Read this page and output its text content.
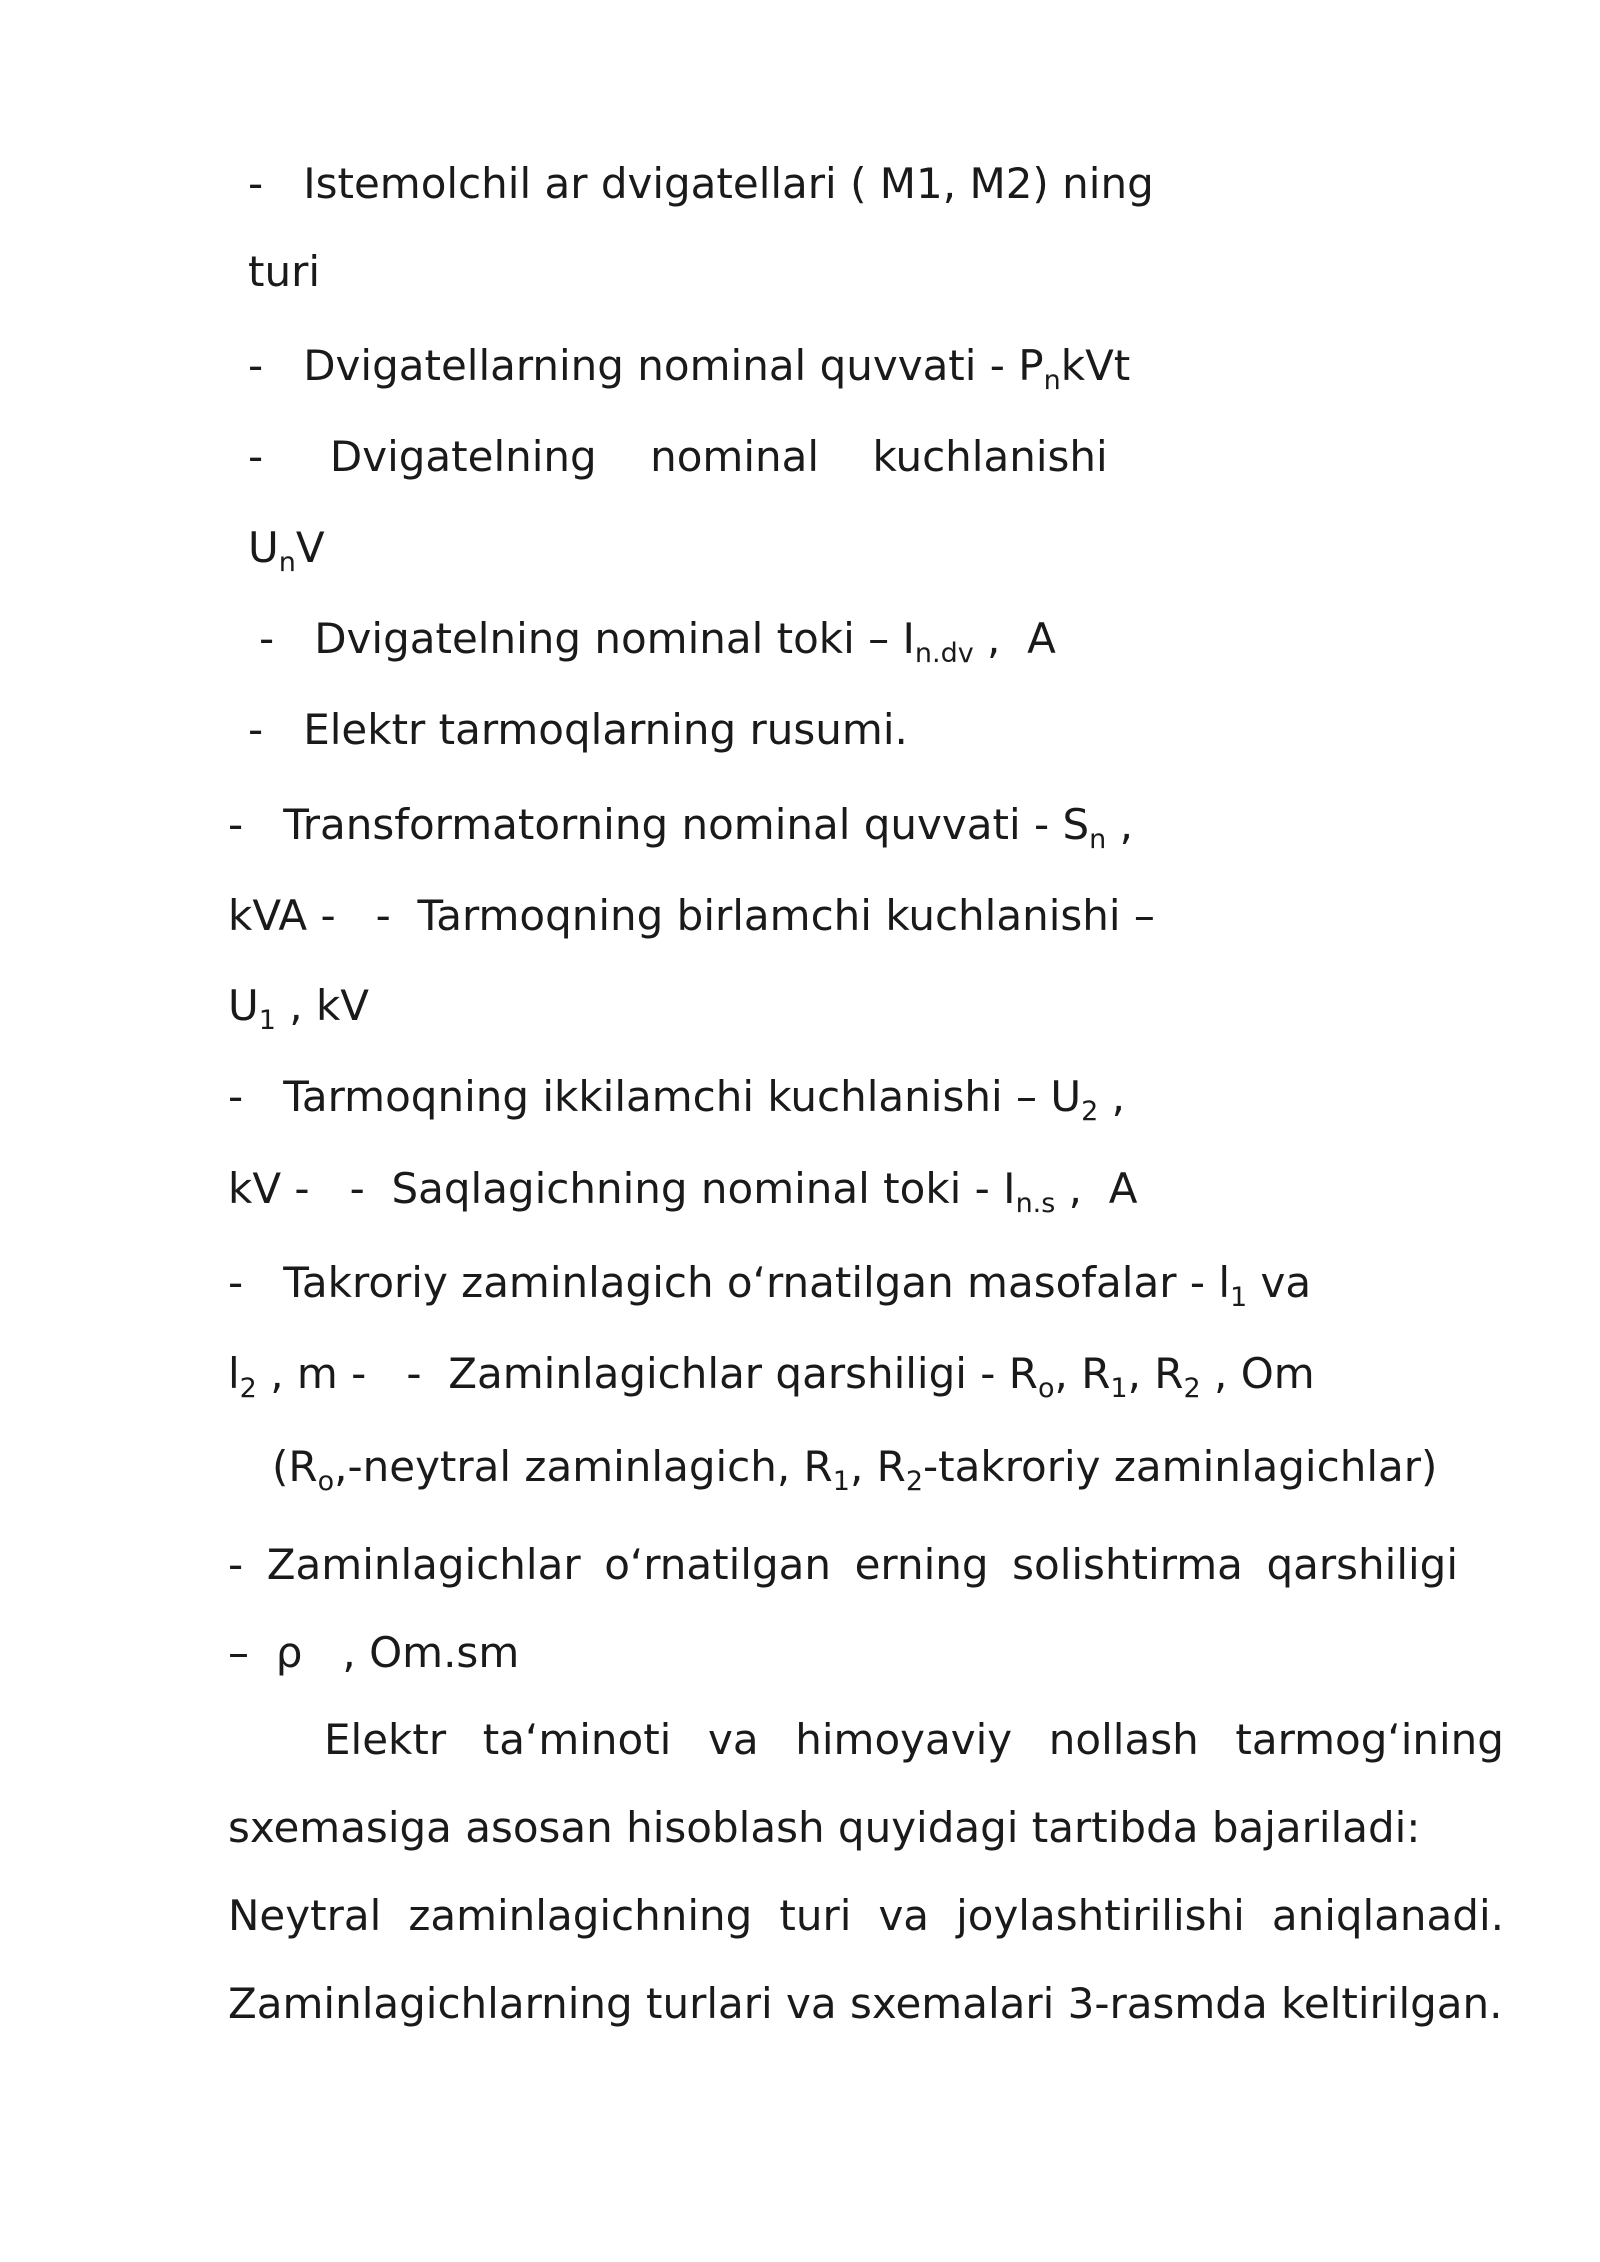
-   Istemolchil ar dvigatellari ( M1, M2) ning
turi
-   Dvigatellarning nominal quvvati - $P_nkVt$
-     Dvigatelning    nominal    kuchlanishi
$U_nV$
-   Dvigatelning nominal toki – $I_{n.dv}$ ,  A
-   Elektr tarmoqlarning rusumi.
-   Transformatorning nominal quvvati - $S_n$ ,
kVA -   -  Tarmoqning birlamchi kuchlanishi –
$U_1$ , kV
-   Tarmoqning ikkilamchi kuchlanishi – $U_2$ ,
kV -   -  Saqlagichning nominal toki - $I_{n.s}$ ,  A
-   Takroriy zaminlagich o‘rnatilgan masofalar - $l_1$ va
$l_2$ , m -   -  Zaminlagichlar qarshiligi - $R_o$, $R_1$, $R_2$ , Om
($R_o$,-neytral zaminlagich, $R_1$, $R_2$-takroriy zaminlagichlar)
- Zaminlagichlar o‘rnatilgan erning solishtirma qarshiligi
–  ρ   , Om.sm
Elektr ta‘minoti va himoyaviy nollash tarmog‘ining
sxemasiga asosan hisoblash quyidagi tartibda bajariladi:
Neytral zaminlagichning turi va joylashtirilishi aniqlanadi.
Zaminlagichlarning turlari va sxemalari 3-rasmda keltirilgan.
